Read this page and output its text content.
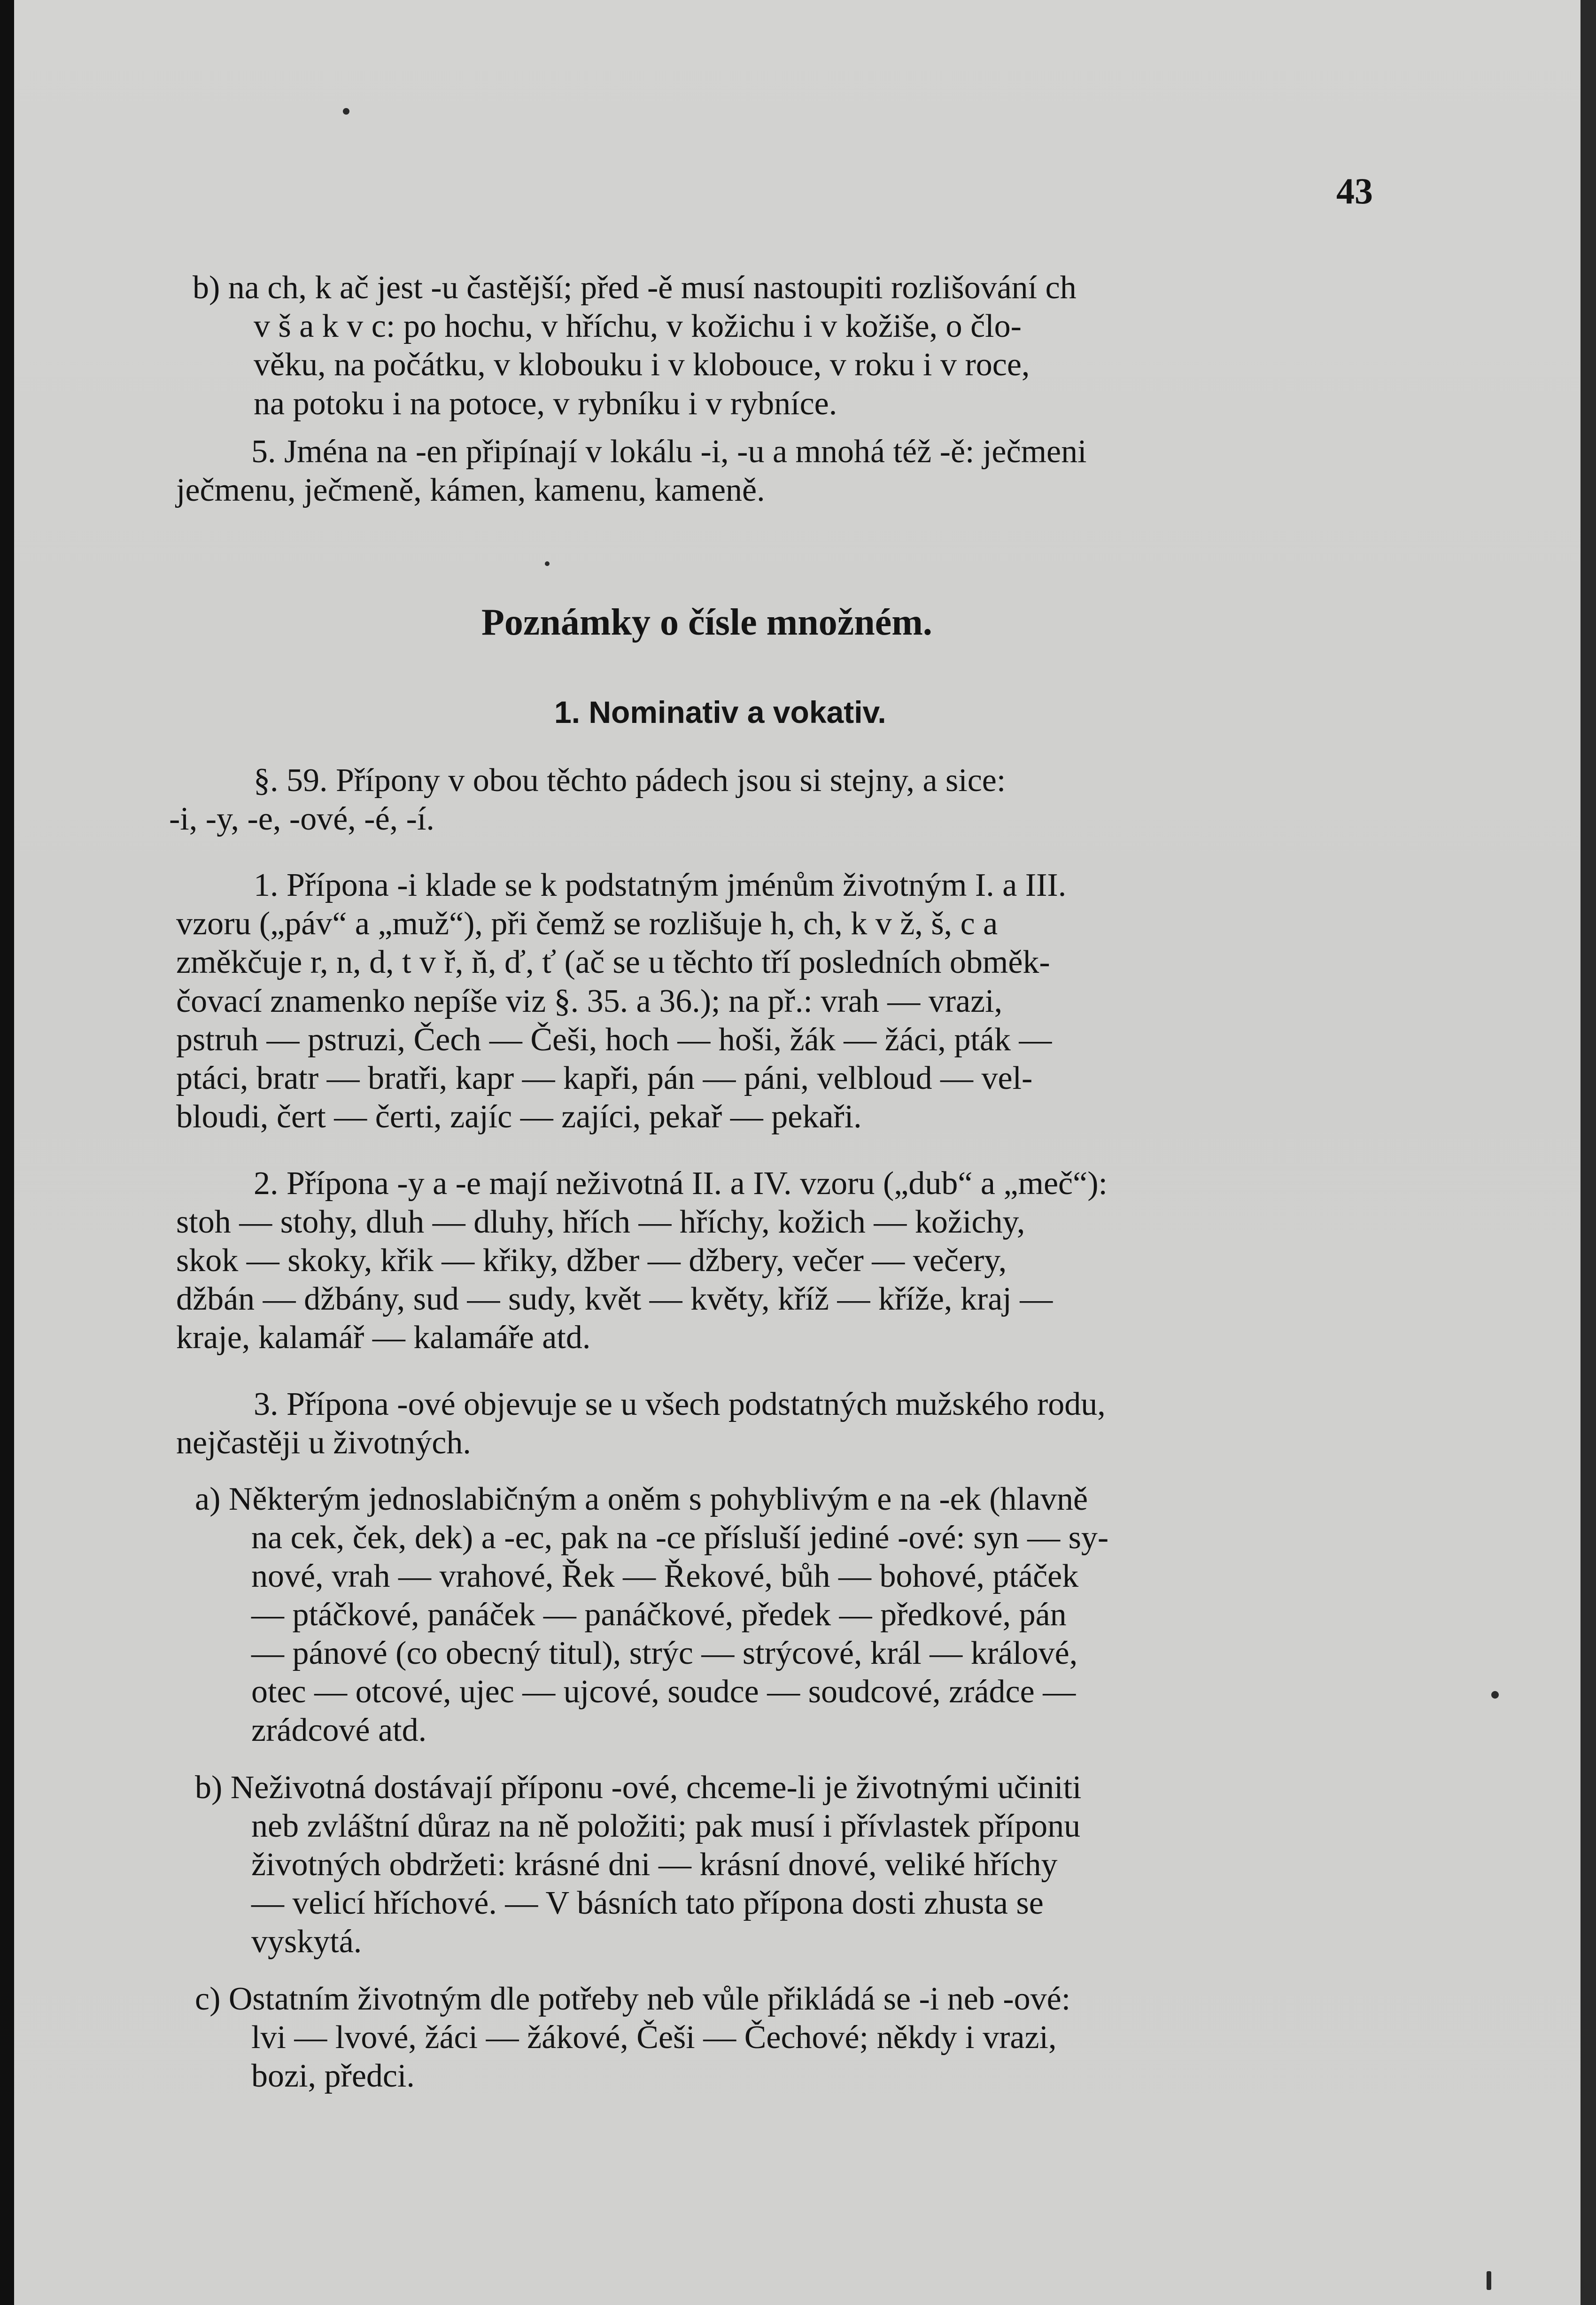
43
b) na ch, k ač jest -u častější; před -ě musí nastoupiti rozlišování ch
v š a k v c: po hochu, v hříchu, v kožichu i v kožiše, o člo-
věku, na počátku, v klobouku i v klobouce, v roku i v roce,
na potoku i na potoce, v rybníku i v rybníce.
5. Jména na -en připínají v lokálu -i, -u a mnohá též -ě: ječmeni
ječmenu, ječmeně, kámen, kamenu, kameně.
Poznámky o čísle množném.
1. Nominativ a vokativ.
§. 59. Přípony v obou těchto pádech jsou si stejny, a sice:
-i, -y, -e, -ové, -é, -í.
1. Přípona -i klade se k podstatným jménům životným I. a III.
vzoru („páv“ a „muž“), při čemž se rozlišuje h, ch, k v ž, š, c a
změkčuje r, n, d, t v ř, ň, ď, ť (ač se u těchto tří posledních obměk-
čovací znamenko nepíše viz §. 35. a 36.); na př.: vrah — vrazi,
pstruh — pstruzi, Čech — Češi, hoch — hoši, žák — žáci, pták —
ptáci, bratr — bratři, kapr — kapři, pán — páni, velbloud — vel-
bloudi, čert — čerti, zajíc — zajíci, pekař — pekaři.
2. Přípona -y a -e mají neživotná II. a IV. vzoru („dub“ a „meč“):
stoh — stohy, dluh — dluhy, hřích — hříchy, kožich — kožichy,
skok — skoky, křik — křiky, džber — džbery, večer — večery,
džbán — džbány, sud — sudy, květ — květy, kříž — kříže, kraj —
kraje, kalamář — kalamáře atd.
3. Přípona -ové objevuje se u všech podstatných mužského rodu,
nejčastěji u životných.
a) Některým jednoslabičným a oněm s pohyblivým e na -ek (hlavně
na cek, ček, dek) a -ec, pak na -ce přísluší jediné -ové: syn — sy-
nové, vrah — vrahové, Řek — Řekové, bůh — bohové, ptáček
— ptáčkové, panáček — panáčkové, předek — předkové, pán
— pánové (co obecný titul), strýc — strýcové, král — králové,
otec — otcové, ujec — ujcové, soudce — soudcové, zrádce —
zrádcové atd.
b) Neživotná dostávají příponu -ové, chceme-li je životnými učiniti
neb zvláštní důraz na ně položiti; pak musí i přívlastek příponu
životných obdržeti: krásné dni — krásní dnové, veliké hříchy
— velicí hříchové. — V básních tato přípona dosti zhusta se
vyskytá.
c) Ostatním životným dle potřeby neb vůle přikládá se -i neb -ové:
lvi — lvové, žáci — žákové, Češi — Čechové; někdy i vrazi,
bozi, předci.
